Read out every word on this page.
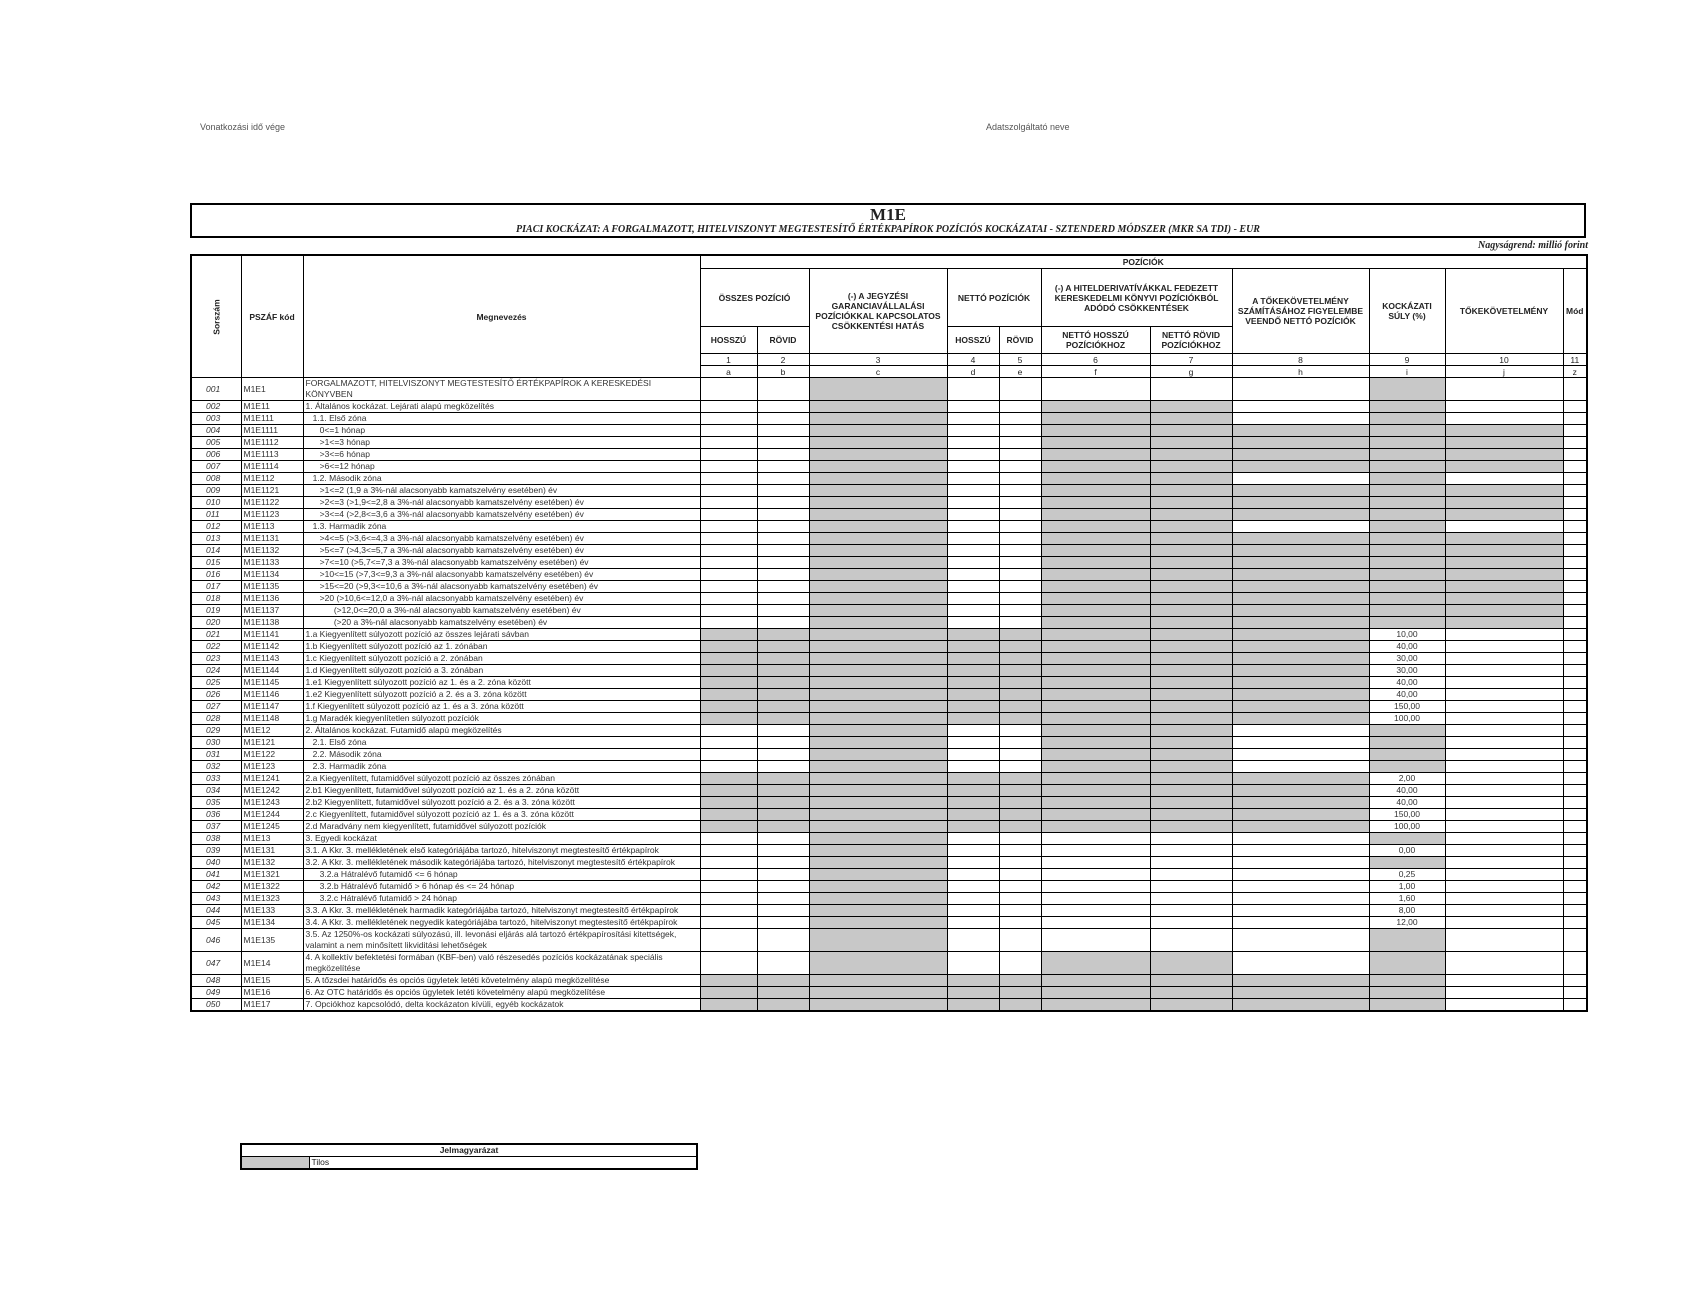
Vonatkozási idő vége	Adatszolgáltató neve
M1E
PIACI KOCKÁZAT: A FORGALMAZOTT, HITELVISZONYT MEGTESTESÍTŐ ÉRTÉKPAPÍROK POZÍCIÓS KOCKÁZATAI - SZTENDERD MÓDSZER (MKR SA TDI) - EUR
Nagyságrend: millió forint
Sorszám	PSZÁF kód	Megnevezés	POZÍCIÓK										
			ÖSSZES POZÍCIÓ		(-) A JEGYZÉSI GARANCIAVÁLLALÁSI POZÍCIÓKKAL KAPCSOLATOS CSÖKKENTÉSI HATÁS	NETTÓ POZÍCIÓK		(-) A HITELDERIVATÍVÁKKAL FEDEZETT KERESKEDELMI KÖNYVI POZÍCIÓKBÓL ADÓDÓ CSÖKKENTÉSEK		A TŐKEKÖVETELMÉNY SZÁMÍTÁSÁHOZ FIGYELEMBE VEENDŐ NETTÓ POZÍCIÓK	KOCKÁZATI SÚLY (%)	TŐKEKÖVETELMÉNY	Mód
			HOSSZÚ	RÖVID		HOSSZÚ	RÖVID	NETTÓ HOSSZÚ POZÍCIÓKHOZ	NETTÓ RÖVID POZÍCIÓKHOZ				
			1	2	3	4	5	6	7	8	9	10	11
			a	b	c	d	e	f	g	h	i	j	z
001	M1E1	FORGALMAZOTT, HITELVISZONYT MEGTESTESÍTŐ ÉRTÉKPAPÍROK A KERESKEDÉSI KÖNYVBEN											
002	M1E11	1. Általános kockázat. Lejárati alapú megközelítés											
003	M1E111	1.1. Első zóna											
004	M1E1111	0<=1 hónap											
005	M1E1112	>1<=3 hónap											
006	M1E1113	>3<=6 hónap											
007	M1E1114	>6<=12 hónap											
008	M1E112	1.2. Második zóna											
009	M1E1121	>1<=2 (1,9 a 3%-nál alacsonyabb kamatszelvény esetében) év											
010	M1E1122	>2<=3 (>1,9<=2,8 a 3%-nál alacsonyabb kamatszelvény esetében) év											
011	M1E1123	>3<=4 (>2,8<=3,6 a 3%-nál alacsonyabb kamatszelvény esetében) év											
012	M1E113	1.3. Harmadik zóna											
013	M1E1131	>4<=5 (>3,6<=4,3 a 3%-nál alacsonyabb kamatszelvény esetében) év											
014	M1E1132	>5<=7 (>4,3<=5,7 a 3%-nál alacsonyabb kamatszelvény esetében) év											
015	M1E1133	>7<=10 (>5,7<=7,3 a 3%-nál alacsonyabb kamatszelvény esetében) év											
016	M1E1134	>10<=15 (>7,3<=9,3 a 3%-nál alacsonyabb kamatszelvény esetében) év											
017	M1E1135	>15<=20 (>9,3<=10,6 a 3%-nál alacsonyabb kamatszelvény esetében) év											
018	M1E1136	>20 (>10,6<=12,0 a 3%-nál alacsonyabb kamatszelvény esetében) év											
019	M1E1137	(>12,0<=20,0 a 3%-nál alacsonyabb kamatszelvény esetében) év											
020	M1E1138	(>20 a 3%-nál alacsonyabb kamatszelvény esetében) év											
021	M1E1141	1.a Kiegyenlített súlyozott pozíció az összes lejárati sávban									10,00		
022	M1E1142	1.b Kiegyenlített súlyozott pozíció az 1. zónában									40,00		
023	M1E1143	1.c Kiegyenlített súlyozott pozíció a 2. zónában									30,00		
024	M1E1144	1.d Kiegyenlített súlyozott pozíció a 3. zónában									30,00		
025	M1E1145	1.e1 Kiegyenlített súlyozott pozíció az 1. és a 2. zóna között									40,00		
026	M1E1146	1.e2 Kiegyenlített súlyozott pozíció a 2. és a 3. zóna között									40,00		
027	M1E1147	1.f Kiegyenlített súlyozott pozíció az 1. és a 3. zóna között									150,00		
028	M1E1148	1.g Maradék kiegyenlítetlen súlyozott pozíciók									100,00		
029	M1E12	2. Általános kockázat. Futamidő alapú megközelítés											
030	M1E121	2.1. Első zóna											
031	M1E122	2.2. Második zóna											
032	M1E123	2.3. Harmadik zóna											
033	M1E1241	2.a Kiegyenlített, futamidővel súlyozott pozíció az összes zónában									2,00		
034	M1E1242	2.b1 Kiegyenlített, futamidővel súlyozott pozíció az 1. és a 2. zóna között									40,00		
035	M1E1243	2.b2 Kiegyenlített, futamidővel súlyozott pozíció a 2. és a 3. zóna között									40,00		
036	M1E1244	2.c Kiegyenlített, futamidővel súlyozott pozíció az 1. és a 3. zóna között									150,00		
037	M1E1245	2.d Maradvány nem kiegyenlített, futamidővel súlyozott pozíciók									100,00		
038	M1E13	3. Egyedi kockázat											
039	M1E131	3.1. A Kkr. 3. mellékletének első kategóriájába tartozó, hitelviszonyt megtestesítő értékpapírok									0,00		
040	M1E132	3.2. A Kkr. 3. mellékletének második kategóriájába tartozó, hitelviszonyt megtestesítő értékpapírok											
041	M1E1321	3.2.a Hátralévő futamidő <= 6 hónap									0,25		
042	M1E1322	3.2.b Hátralévő futamidő > 6 hónap és <= 24 hónap									1,00		
043	M1E1323	3.2.c Hátralévő futamidő > 24 hónap									1,60		
044	M1E133	3.3. A Kkr. 3. mellékletének harmadik kategóriájába tartozó, hitelviszonyt megtestesítő értékpapírok									8,00		
045	M1E134	3.4. A Kkr. 3. mellékletének negyedik kategóriájába tartozó, hitelviszonyt megtestesítő értékpapírok									12,00		
046	M1E135	3.5. Az 1250%-os kockázati súlyozású, ill. levonási eljárás alá tartozó értékpapírosítási kitettségek, valamint a nem minősített likviditási lehetőségek											
047	M1E14	4. A kollektív befektetési formában (KBF-ben) való részesedés pozíciós kockázatának speciális megközelítése											
048	M1E15	5. A tőzsdei határidős és opciós ügyletek letéti követelmény alapú megközelítése											
049	M1E16	6. Az OTC határidős és opciós ügyletek letéti követelmény alapú megközelítése											
050	M1E17	7. Opciókhoz kapcsolódó, delta kockázaton kívüli, egyéb kockázatok											
Jelmagyarázat
	Tilos
